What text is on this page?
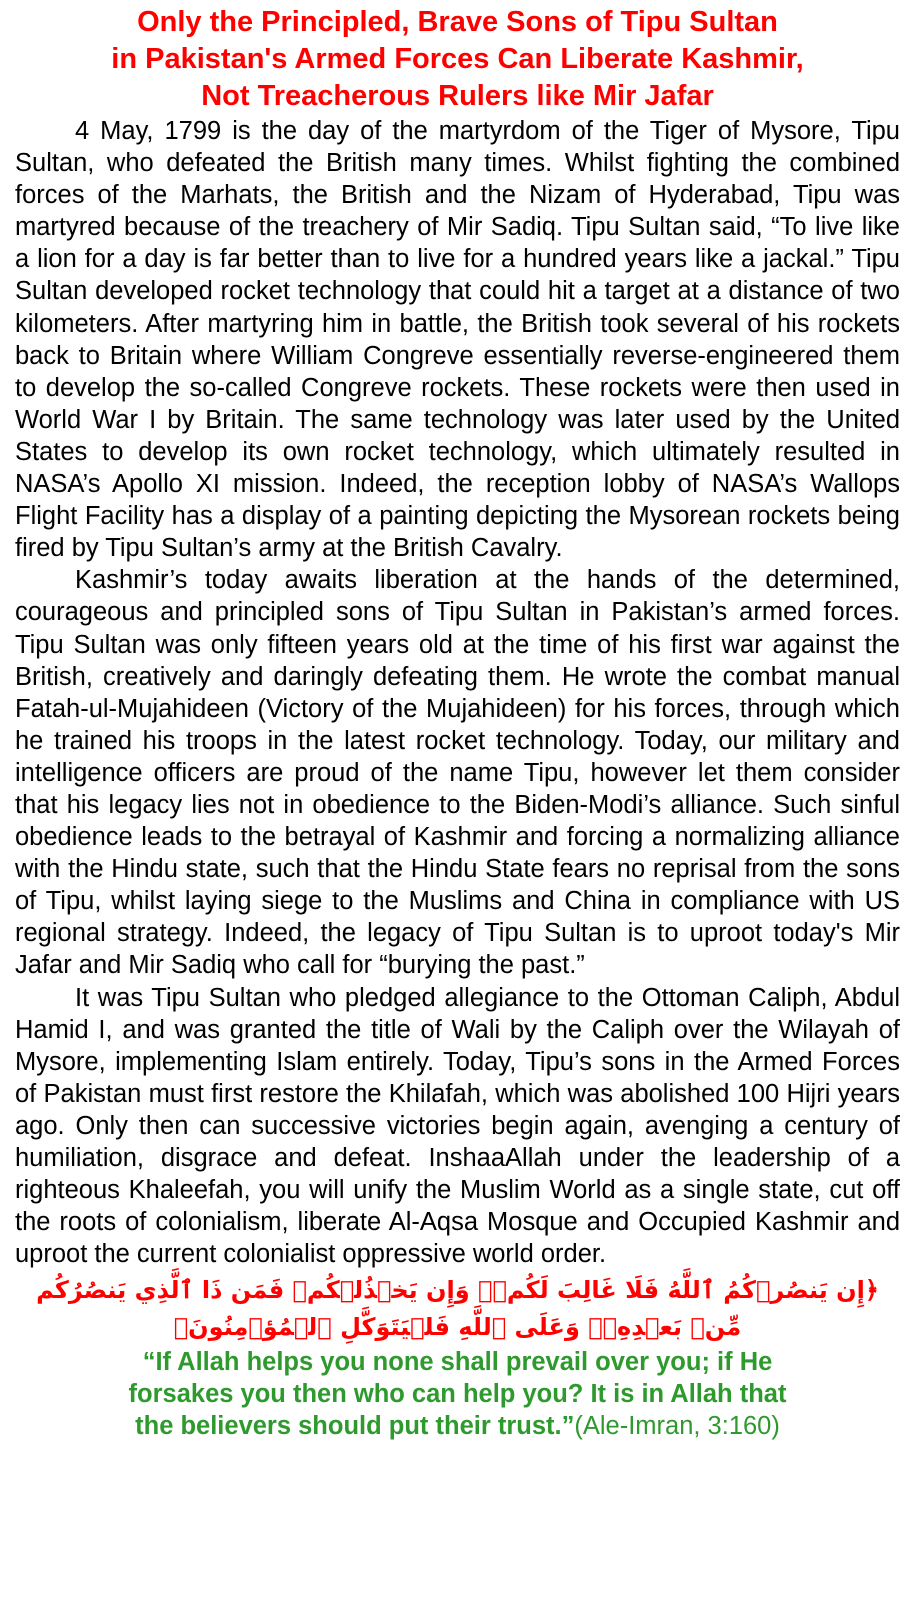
Only the Principled, Brave Sons of Tipu Sultan
in Pakistan's Armed Forces Can Liberate Kashmir,
Not Treacherous Rulers like Mir Jafar

4 May, 1799 is the day of the martyrdom of the Tiger of Mysore, Tipu Sultan, who defeated the British many times. Whilst fighting the combined forces of the Marhats, the British and the Nizam of Hyderabad, Tipu was martyred because of the treachery of Mir Sadiq. Tipu Sultan said, “To live like a lion for a day is far better than to live for a hundred years like a jackal.” Tipu Sultan developed rocket technology that could hit a target at a distance of two kilometers. After martyring him in battle, the British took several of his rockets back to Britain where William Congreve essentially reverse-engineered them to develop the so-called Congreve rockets. These rockets were then used in World War I by Britain. The same technology was later used by the United States to develop its own rocket technology, which ultimately resulted in NASA’s Apollo XI mission. Indeed, the reception lobby of NASA’s Wallops Flight Facility has a display of a painting depicting the Mysorean rockets being fired by Tipu Sultan’s army at the British Cavalry.

Kashmir’s today awaits liberation at the hands of the determined, courageous and principled sons of Tipu Sultan in Pakistan’s armed forces. Tipu Sultan was only fifteen years old at the time of his first war against the British, creatively and daringly defeating them. He wrote the combat manual Fatah-ul-Mujahideen (Victory of the Mujahideen) for his forces, through which he trained his troops in the latest rocket technology. Today, our military and intelligence officers are proud of the name Tipu, however let them consider that his legacy lies not in obedience to the Biden-Modi’s alliance. Such sinful obedience leads to the betrayal of Kashmir and forcing a normalizing alliance with the Hindu state, such that the Hindu State fears no reprisal from the sons of Tipu, whilst laying siege to the Muslims and China in compliance with US regional strategy. Indeed, the legacy of Tipu Sultan is to uproot today's Mir Jafar and Mir Sadiq who call for “burying the past.”

It was Tipu Sultan who pledged allegiance to the Ottoman Caliph, Abdul Hamid I, and was granted the title of Wali by the Caliph over the Wilayah of Mysore, implementing Islam entirely. Today, Tipu’s sons in the Armed Forces of Pakistan must first restore the Khilafah, which was abolished 100 Hijri years ago. Only then can successive victories begin again, avenging a century of humiliation, disgrace and defeat. InshaaAllah under the leadership of a righteous Khaleefah, you will unify the Muslim World as a single state, cut off the roots of colonialism, liberate Al-Aqsa Mosque and Occupied Kashmir and uproot the current colonialist oppressive world order.

﴿إِن يَنصُرۡكُمُ ٱللَّهُ فَلَا غَالِبَ لَكُمۡۖ وَإِن يَخۡذُلۡكُمۡ فَمَن ذَا ٱلَّذِي يَنصُرُكُم
مِّنۢ بَعۡدِهِۦۗ وَعَلَى ٱللَّهِ فَلۡيَتَوَكَّلِ ٱلۡمُؤۡمِنُونَ﴾

“If Allah helps you none shall prevail over you; if He
forsakes you then who can help you? It is in Allah that
the believers should put their trust.”(Ale-Imran, 3:160)
